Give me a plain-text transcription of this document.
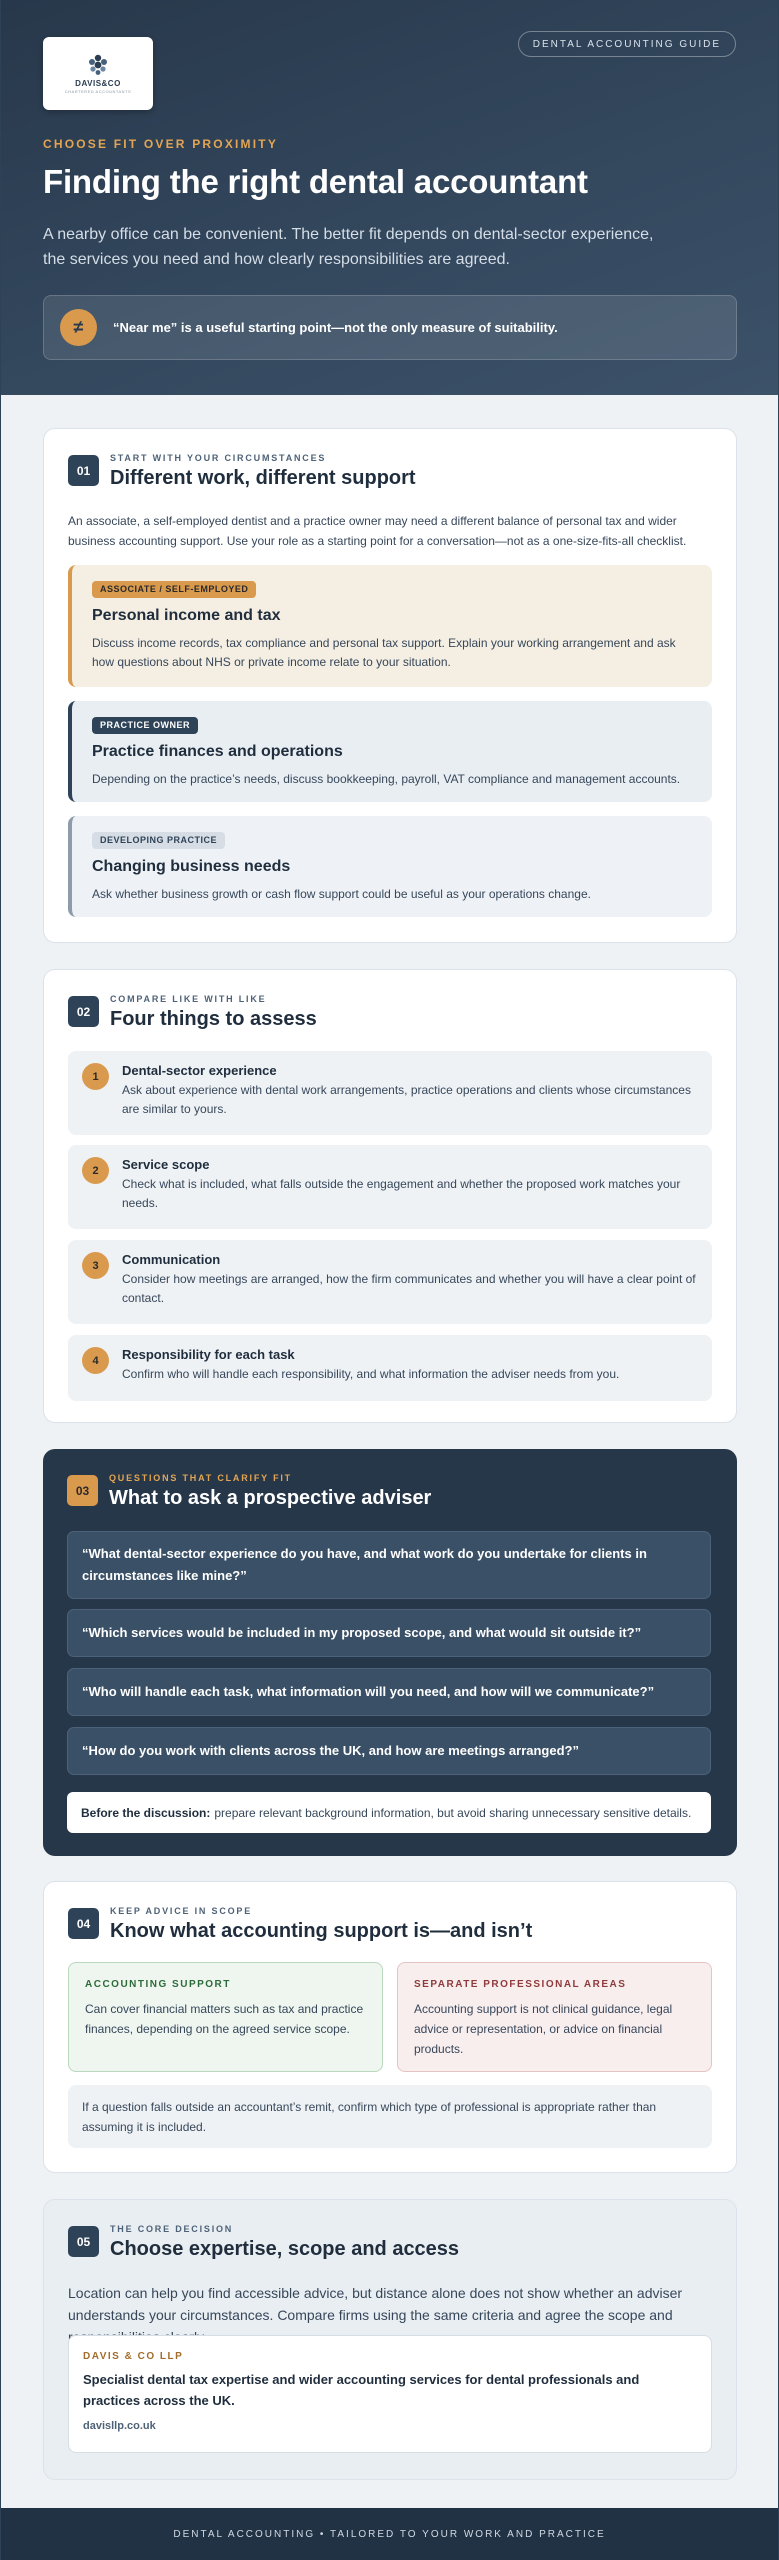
DAVIS&CO
CHARTERED ACCOUNTANTS
DENTAL ACCOUNTING GUIDE
CHOOSE FIT OVER PROXIMITY
Finding the right dental accountant

A nearby office can be convenient. The better fit depends on dental-sector experience, the services you need and how clearly responsibilities are agreed.

≠	“Near me” is a useful starting point—not the only measure of suitability.
01
START WITH YOUR CIRCUMSTANCES
Different work, different support

An associate, a self-employed dentist and a practice owner may need a different balance of personal tax and wider business accounting support. Use your role as a starting point for a conversation—not as a one-size-fits-all checklist.

ASSOCIATE / SELF-EMPLOYED
Personal income and tax
Discuss income records, tax compliance and personal tax support. Explain your working arrangement and ask how questions about NHS or private income relate to your situation.
PRACTICE OWNER
Practice finances and operations
Depending on the practice’s needs, discuss bookkeeping, payroll, VAT compliance and management accounts.
DEVELOPING PRACTICE
Changing business needs
Ask whether business growth or cash flow support could be useful as your operations change.
02
COMPARE LIKE WITH LIKE
Four things to assess
1	Dental-sector experience
Ask about experience with dental work arrangements, practice operations and clients whose circumstances are similar to yours.
2	Service scope
Check what is included, what falls outside the engagement and whether the proposed work matches your needs.
3	Communication
Consider how meetings are arranged, how the firm communicates and whether you will have a clear point of contact.
4	Responsibility for each task
Confirm who will handle each responsibility, and what information the adviser needs from you.
03
QUESTIONS THAT CLARIFY FIT
What to ask a prospective adviser
“What dental-sector experience do you have, and what work do you undertake for clients in circumstances like mine?”
“Which services would be included in my proposed scope, and what would sit outside it?”
“Who will handle each task, what information will you need, and how will we communicate?”
“How do you work with clients across the UK, and how are meetings arranged?”
Before the discussion: prepare relevant background information, but avoid sharing unnecessary sensitive details.
04
KEEP ADVICE IN SCOPE
Know what accounting support is—and isn’t
ACCOUNTING SUPPORT
Can cover financial matters such as tax and practice finances, depending on the agreed service scope.
SEPARATE PROFESSIONAL AREAS
Accounting support is not clinical guidance, legal advice or representation, or advice on financial products.
If a question falls outside an accountant’s remit, confirm which type of professional is appropriate rather than assuming it is included.
05
THE CORE DECISION
Choose expertise, scope and access

Location can help you find accessible advice, but distance alone does not show whether an adviser understands your circumstances. Compare firms using the same criteria and agree the scope and

DAVIS & CO LLP
Specialist dental tax expertise and wider accounting services for dental professionals and practices across the UK.
davisllp.co.uk
DENTAL ACCOUNTING • TAILORED TO YOUR WORK AND PRACTICE
